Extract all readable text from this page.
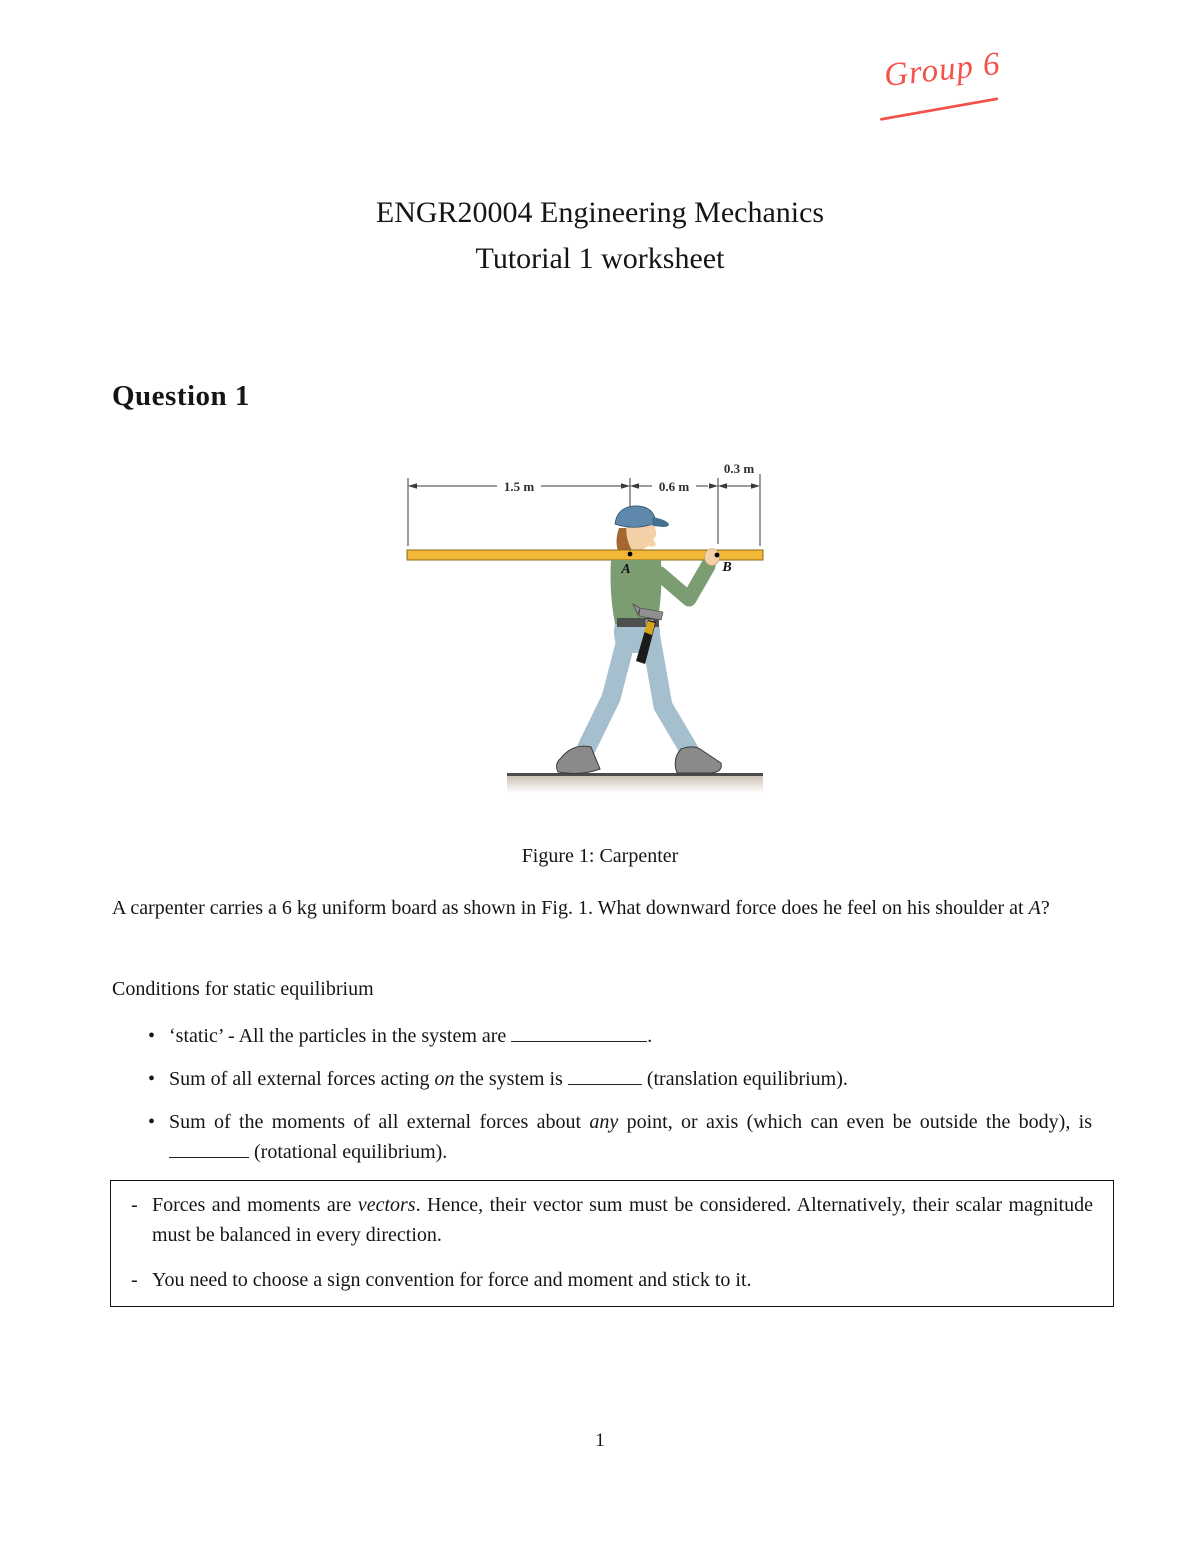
Group 6
ENGR20004 Engineering Mechanics
Tutorial 1 worksheet
Question 1
1.5 m	0.6 m
0.3 m
A	B
Figure 1: Carpenter
A carpenter carries a 6 kg uniform board as shown in Fig. 1. What downward force does he feel on his shoulder at A?
Conditions for static equilibrium
• ‘static’ - All the particles in the system are	.
• Sum of all external forces acting on the system is	(translation equilibrium).
• Sum of the moments of all external forces about any point, or axis (which can even be outside the body), is  (rotational equilibrium).
- Forces and moments are vectors. Hence, their vector sum must be considered. Alternatively, their scalar magnitude must be balanced in every direction.
- You need to choose a sign convention for force and moment and stick to it.
1
